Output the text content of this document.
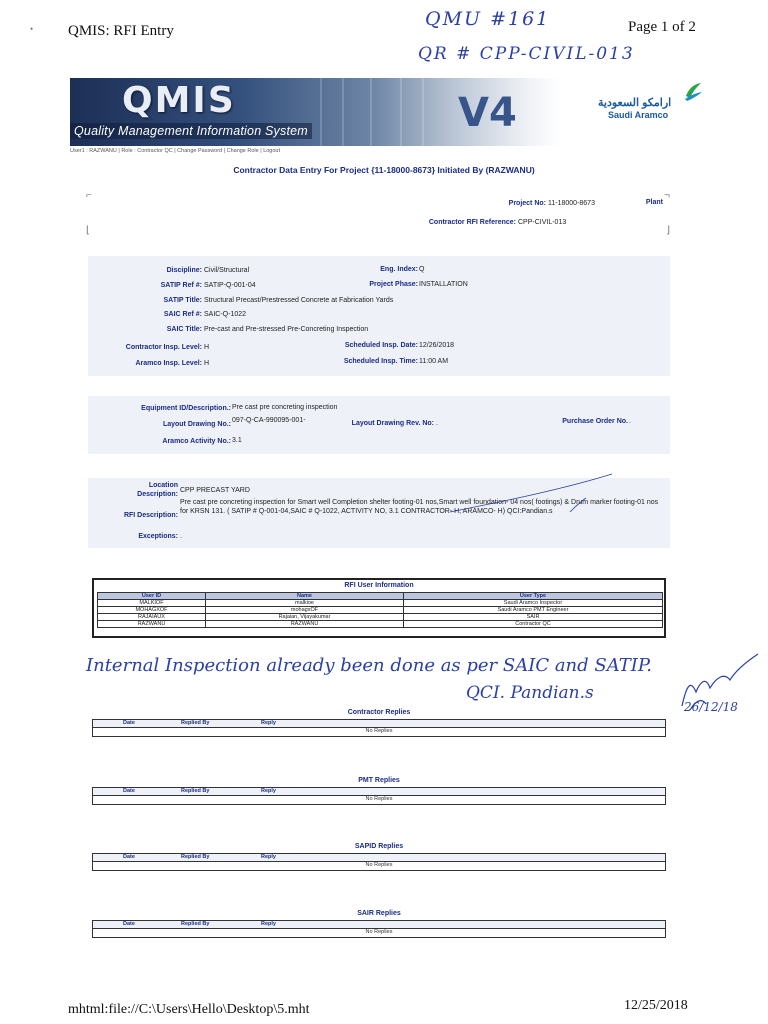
• QMIS: RFI Entry	Page 1 of 2
QMU #161
QR # CPP-CIVIL-013
QMIS
Quality Management Information System	V4	ارامكو السعودية
Saudi Aramco
User1 : RAZWANU | Role : Contractor QC | Change Password | Change Role | Logout
Contractor Data Entry For Project {11-18000-8673} Initiated By (RAZWANU)
⌐
⌊
¬
⌋
Project No: 11-18000-8673	Plant
Contractor RFI Reference: CPP-CIVIL-013
Discipline: Civil/Structural	Eng. Index: Q
SATIP Ref #: SATIP-Q-001-04	Project Phase: INSTALLATION
SATIP Title: Structural Precast/Prestressed Concrete at Fabrication Yards
SAIC Ref #: SAIC-Q-1022
SAIC Title: Pre-cast and Pre-stressed Pre-Concreting Inspection
Contractor Insp. Level: H	Scheduled Insp. Date: 12/26/2018
Aramco Insp. Level: H	Scheduled Insp. Time: 11:00 AM
Equipment ID/Description.: Pre cast pre concreting inspection
Layout Drawing No.:
097-Q-CA-990095-001-	Layout Drawing Rev. No: .	Purchase Order No. .
Aramco Activity No.: 3.1
Location
Description:
CPP PRECAST YARD
RFI Description:
Pre cast pre concreting inspection for Smart well Completion shelter footing-01 nos,Smart well foundation- 04 nos( footings) & Drum marker footing-01 nos for KRSN 131. ( SATIP # Q-001-04,SAIC # Q-1022, ACTIVITY NO, 3.1 CONTRACTOR- H, ARAMCO- H) QCI:Pandian.s
Exceptions: .
RFI User Information
User ID	Name	User Type
MALKIOF	malkioe	Saudi Aramco Inspector
MOHAGXOF	mohagxOF	Saudi Aramco PMT Engineer
RAJAIAUX	Rajaian, Vijayakumar	SAIR
RAZWANU	RAZWANU	Contractor QC
Internal Inspection already been done as per SAIC and SATIP.
QCI. Pandian.s
26/12/18
Contractor Replies
Date	Replied By	Reply
No Replies
PMT Replies
Date	Replied By	Reply
No Replies
SAPID Replies
Date	Replied By	Reply
No Replies
SAIR Replies
Date	Replied By	Reply
No Replies
mhtml:file://C:\Users\Hello\Desktop\5.mht	12/25/2018
